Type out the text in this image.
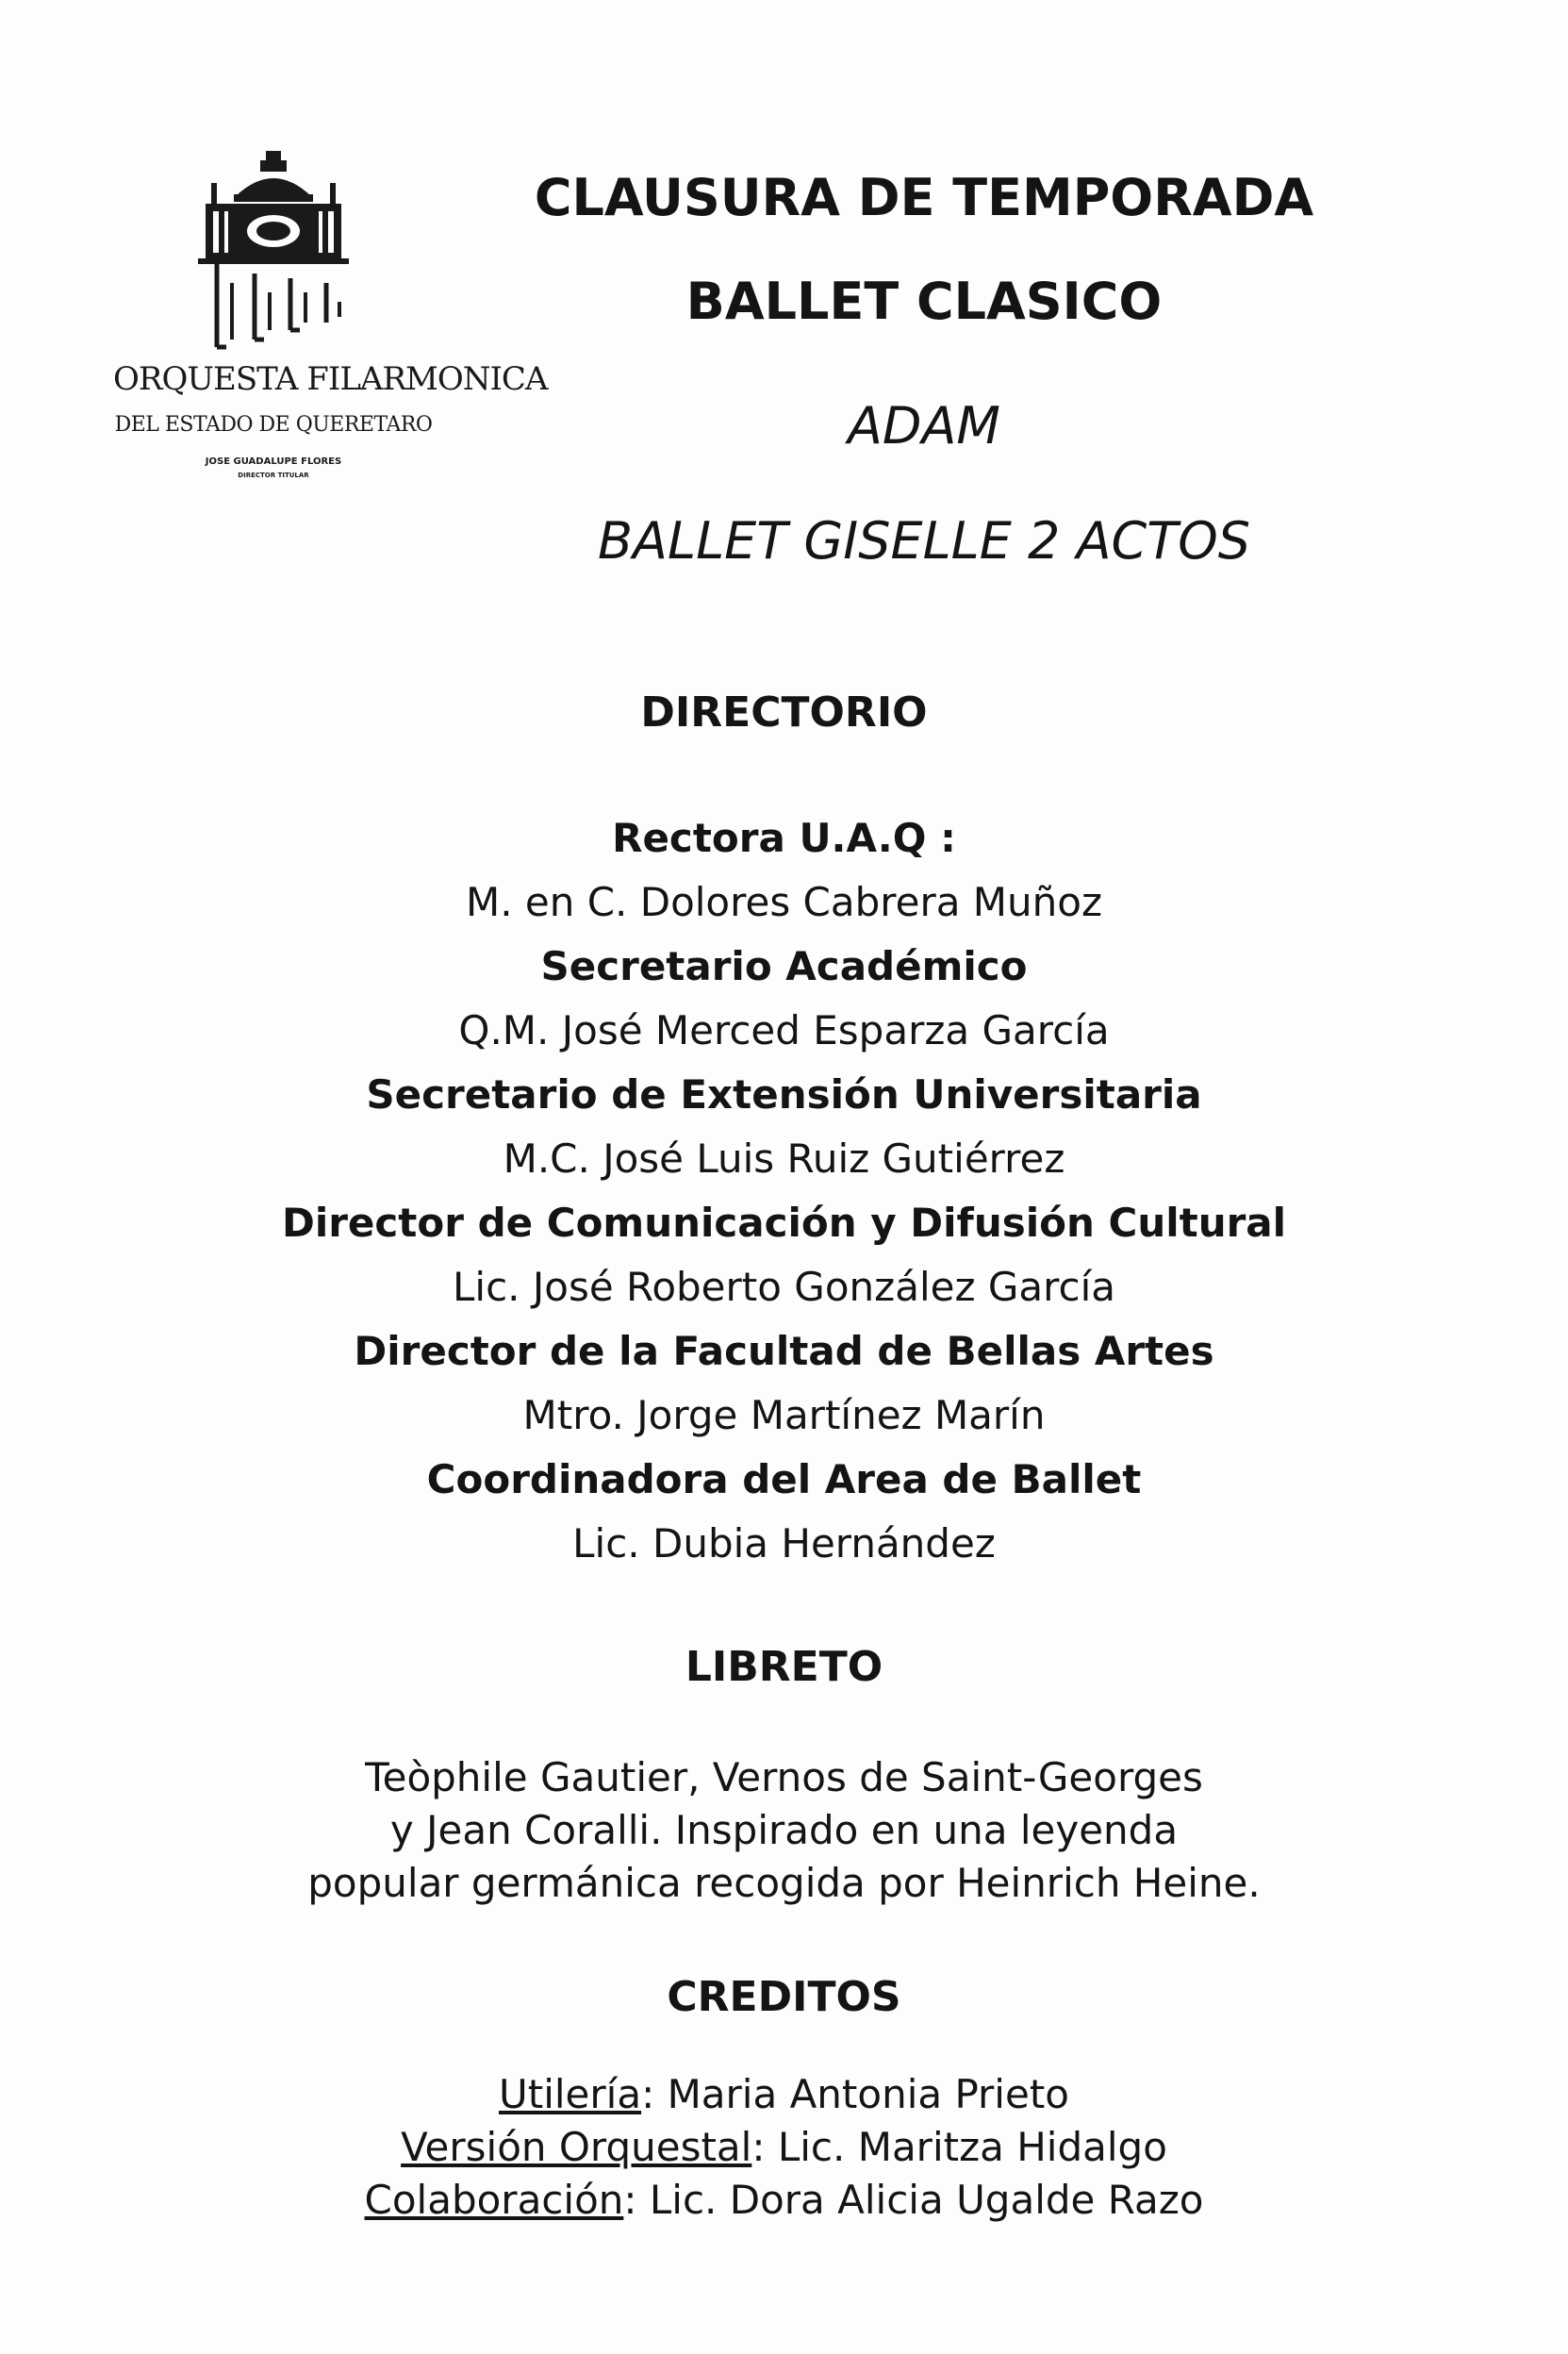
ORQUESTA FILARMONICA
DEL ESTADO DE QUERETARO
JOSE GUADALUPE FLORES
DIRECTOR TITULAR
CLAUSURA DE TEMPORADA
BALLET CLASICO
ADAM
BALLET GISELLE 2 ACTOS
DIRECTORIO
Rectora U.A.Q :
M. en C. Dolores Cabrera Muñoz
Secretario Académico
Q.M. José Merced Esparza García
Secretario de Extensión Universitaria
M.C. José Luis Ruiz Gutiérrez
Director de Comunicación y Difusión Cultural
Lic. José Roberto González García
Director de la Facultad de Bellas Artes
Mtro. Jorge Martínez Marín
Coordinadora del Area de Ballet
Lic. Dubia Hernández
LIBRETO
Teòphile Gautier, Vernos de Saint-Georges
y Jean Coralli. Inspirado en una leyenda
popular germánica recogida por Heinrich Heine.
CREDITOS
Utilería: Maria Antonia Prieto
Versión Orquestal: Lic. Maritza Hidalgo
Colaboración: Lic. Dora Alicia Ugalde Razo
